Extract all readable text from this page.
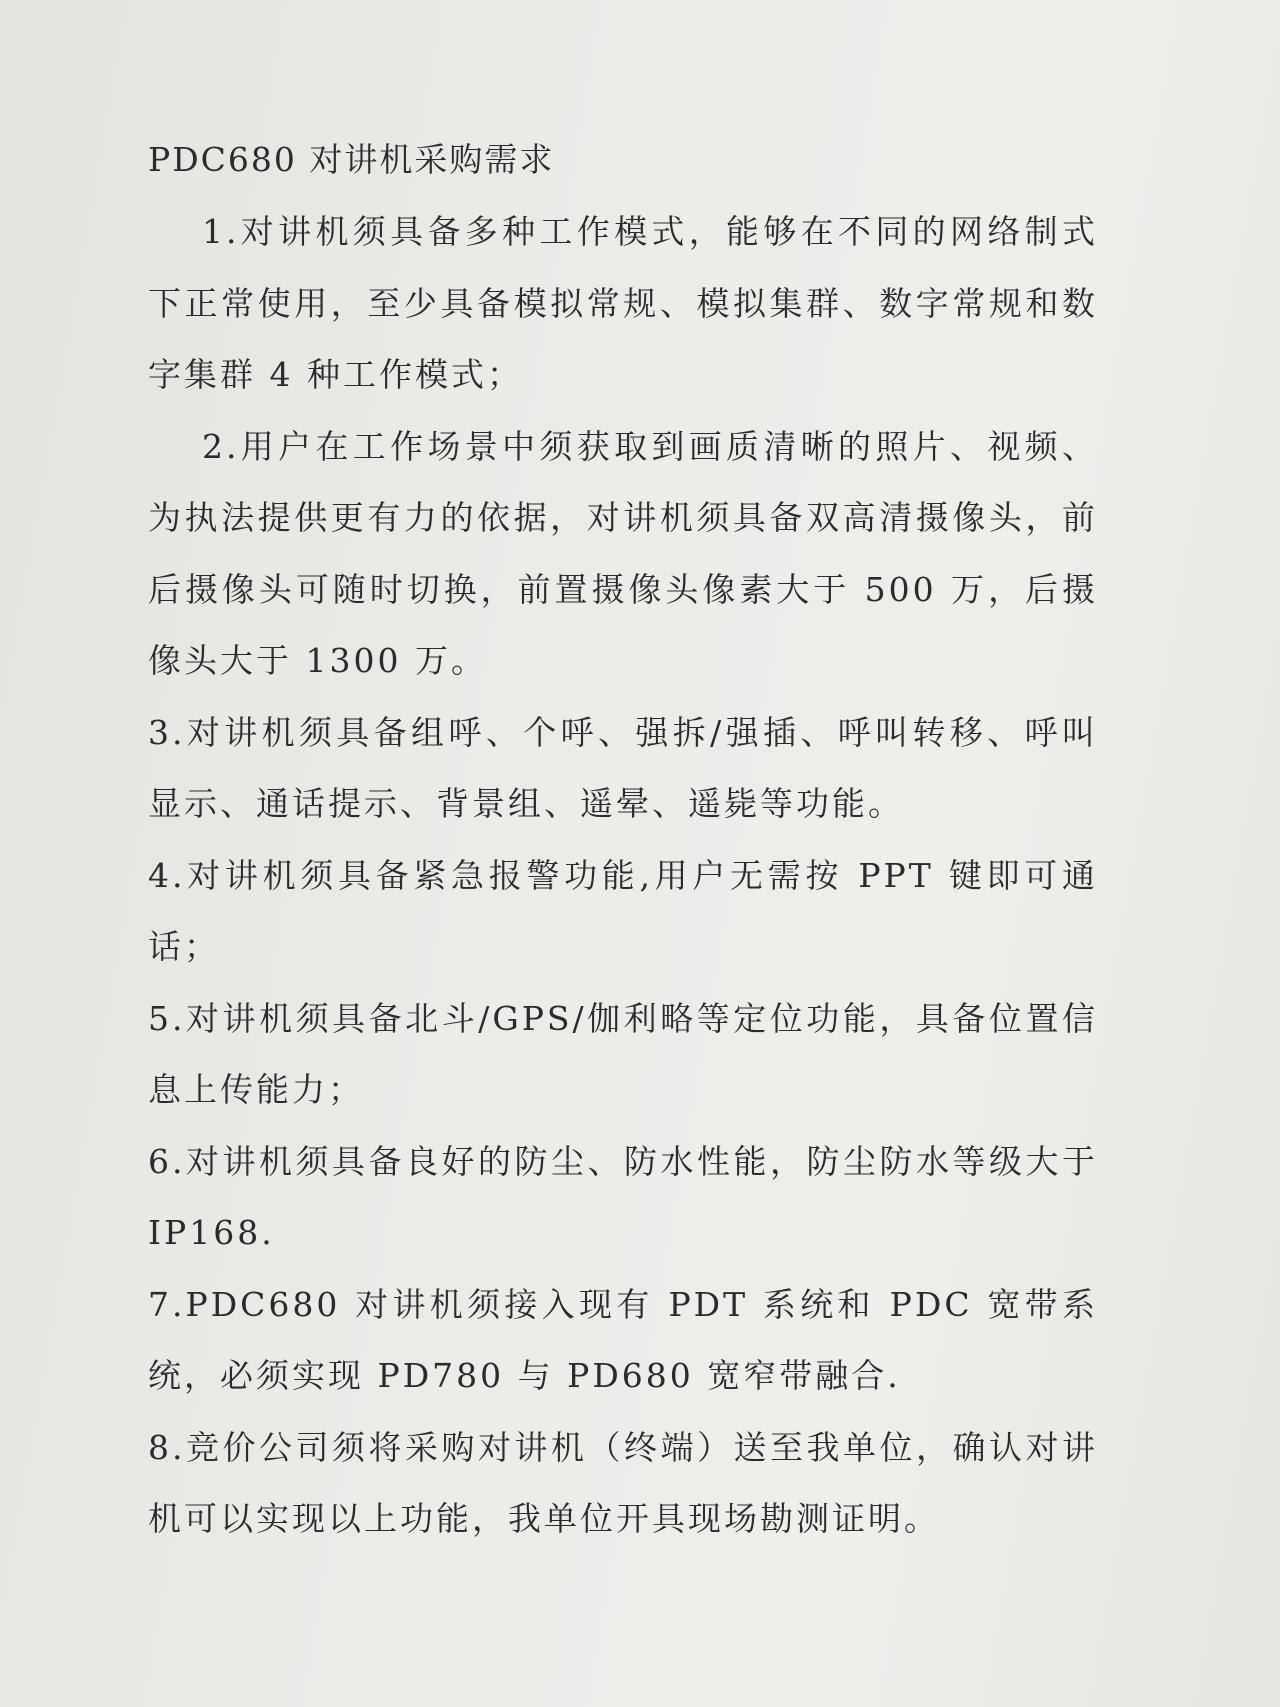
PDC680 对讲机采购需求

1.对讲机须具备多种工作模式，能够在不同的网络制式下正常使用，至少具备模拟常规、模拟集群、数字常规和数字集群 4 种工作模式；

2.用户在工作场景中须获取到画质清晰的照片、视频、为执法提供更有力的依据，对讲机须具备双高清摄像头，前后摄像头可随时切换，前置摄像头像素大于 500 万，后摄像头大于 1300 万。

3.对讲机须具备组呼、个呼、强拆/强插、呼叫转移、呼叫显示、通话提示、背景组、遥晕、遥毙等功能。

4.对讲机须具备紧急报警功能,用户无需按 PPT 键即可通话；

5.对讲机须具备北斗/GPS/伽利略等定位功能，具备位置信息上传能力；

6.对讲机须具备良好的防尘、防水性能，防尘防水等级大于 IP168.

7.PDC680 对讲机须接入现有 PDT 系统和 PDC 宽带系统，必须实现 PD780 与 PD680 宽窄带融合.

8.竞价公司须将采购对讲机（终端）送至我单位，确认对讲机可以实现以上功能，我单位开具现场勘测证明。
